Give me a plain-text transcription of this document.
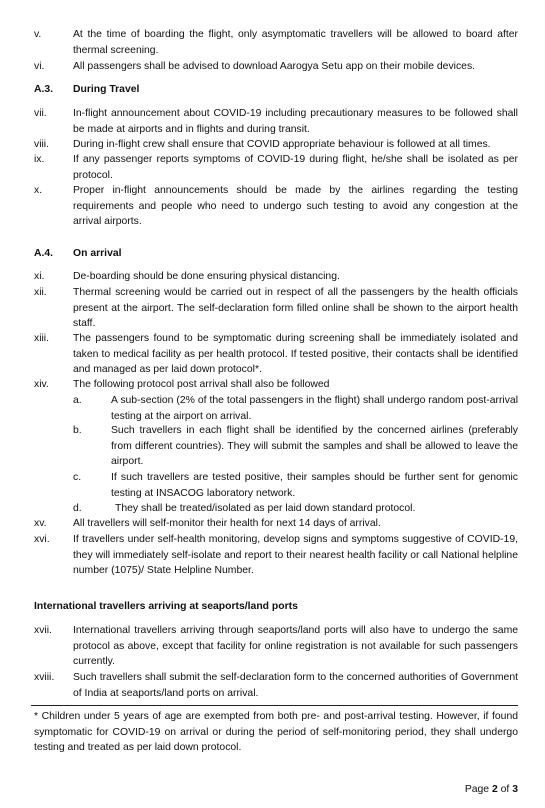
v.	At the time of boarding the flight, only asymptomatic travellers will be allowed to board after thermal screening.
vi.	All passengers shall be advised to download Aarogya Setu app on their mobile devices.
A.3. During Travel
vii.	In-flight announcement about COVID-19 including precautionary measures to be followed shall be made at airports and in flights and during transit.
viii.	During in-flight crew shall ensure that COVID appropriate behaviour is followed at all times.
ix.	If any passenger reports symptoms of COVID-19 during flight, he/she shall be isolated as per protocol.
x.	Proper in-flight announcements should be made by the airlines regarding the testing requirements and people who need to undergo such testing to avoid any congestion at the arrival airports.
A.4. On arrival
xi.	De-boarding should be done ensuring physical distancing.
xii.	Thermal screening would be carried out in respect of all the passengers by the health officials present at the airport. The self-declaration form filled online shall be shown to the airport health staff.
xiii.	The passengers found to be symptomatic during screening shall be immediately isolated and taken to medical facility as per health protocol. If tested positive, their contacts shall be identified and managed as per laid down protocol*.
xiv.	The following protocol post arrival shall also be followed
a.	A sub-section (2% of the total passengers in the flight) shall undergo random post-arrival testing at the airport on arrival.
b.	Such travellers in each flight shall be identified by the concerned airlines (preferably from different countries). They will submit the samples and shall be allowed to leave the airport.
c.	If such travellers are tested positive, their samples should be further sent for genomic testing at INSACOG laboratory network.
d.	They shall be treated/isolated as per laid down standard protocol.
xv.	All travellers will self-monitor their health for next 14 days of arrival.
xvi.	If travellers under self-health monitoring, develop signs and symptoms suggestive of COVID-19, they will immediately self-isolate and report to their nearest health facility or call National helpline number (1075)/ State Helpline Number.
International travellers arriving at seaports/land ports
xvii.	International travellers arriving through seaports/land ports will also have to undergo the same protocol as above, except that facility for online registration is not available for such passengers currently.
xviii.	Such travellers shall submit the self-declaration form to the concerned authorities of Government of India at seaports/land ports on arrival.
* Children under 5 years of age are exempted from both pre- and post-arrival testing. However, if found symptomatic for COVID-19 on arrival or during the period of self-monitoring period, they shall undergo testing and treated as per laid down protocol.
Page 2 of 3
